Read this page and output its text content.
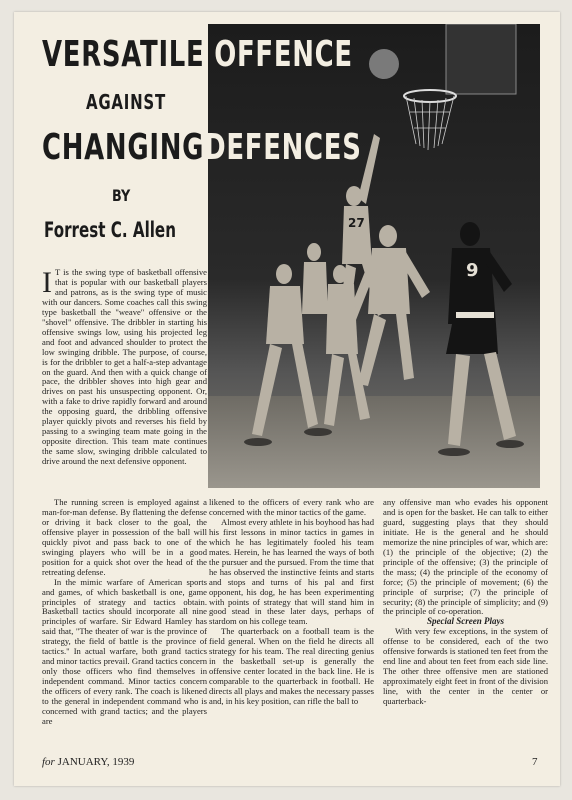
9
27
VERSATILE OFFENCE
AGAINST
CHANGINGDEFENCES
BY
Forrest C. Allen

I T is the swing type of basketball offensive that is popular with our basketball players and patrons, as is the swing type of music with our dancers. Some coaches call this swing type basketball the "weave" offensive or the "shovel" offensive. The dribbler in starting his offensive swings low, using his projected leg and foot and advanced shoulder to protect the low swinging dribble. The purpose, of course, is for the dribbler to get a half-a-step advantage on the guard. And then with a quick change of pace, the dribbler shoves into high gear and drives on past his unsuspecting opponent. Or, with a fake to drive rapidly forward and around the opposing guard, the dribbling offensive player quickly pivots and reverses his field by passing to a swinging team mate going in the opposite direction. This team mate continues the same slow, swinging dribble calculated to drive around the next defensive opponent.

The running screen is employed against a man-for-man defense. By flattening the defense or driving it back closer to the goal, the offensive player in possession of the ball will quickly pivot and pass back to one of the swinging players who will be in a good position for a quick shot over the head of the retreating defense.

In the mimic warfare of American sports and games, of which basketball is one, game principles of strategy and tactics obtain. Basketball tactics should incorporate all nine principles of warfare. Sir Edward Hamley has said that, "The theater of war is the province of strategy, the field of battle is the province of tactics." In actual warfare, both grand tactics and minor tactics prevail. Grand tactics concern only those officers who find themselves in independent command. Minor tactics concern the officers of every rank. The coach is likened to the general in independent command who is concerned with grand tactics; and the players are

likened to the officers of every rank who are concerned with the minor tactics of the game.

Almost every athlete in his boyhood has had his first lessons in minor tactics in games in which he has legitimately fooled his team mates. Herein, he has learned the ways of both the pursuer and the pursued. From the time that he has observed the instinctive feints and starts and stops and turns of his pal and first opponent, his dog, he has been experimenting with points of strategy that will stand him in good stead in these later days, perhaps of stardom on his college team.

The quarterback on a football team is the field general. When on the field he directs all strategy for his team. The real directing genius in the basketball set-up is generally the offensive center located in the back line. He is comparable to the quarterback in football. He directs all plays and makes the necessary passes and, in his key position, can rifle the ball to

any offensive man who evades his opponent and is open for the basket. He can talk to either guard, suggesting plays that they should initiate. He is the general and he should memorize the nine principles of war, which are: (1) the principle of the objective; (2) the principle of the offensive; (3) the principle of the mass; (4) the principle of the economy of force; (5) the principle of movement; (6) the principle of surprise; (7) the principle of security; (8) the principle of simplicity; and (9) the principle of co-operation.

Special Screen Plays

With very few exceptions, in the system of offense to be considered, each of the two offensive forwards is stationed ten feet from the end line and about ten feet from each side line. The other three offensive men are stationed approximately eight feet in front of the division line, with the center in the center or quarterback-

for JANUARY, 1939	7
